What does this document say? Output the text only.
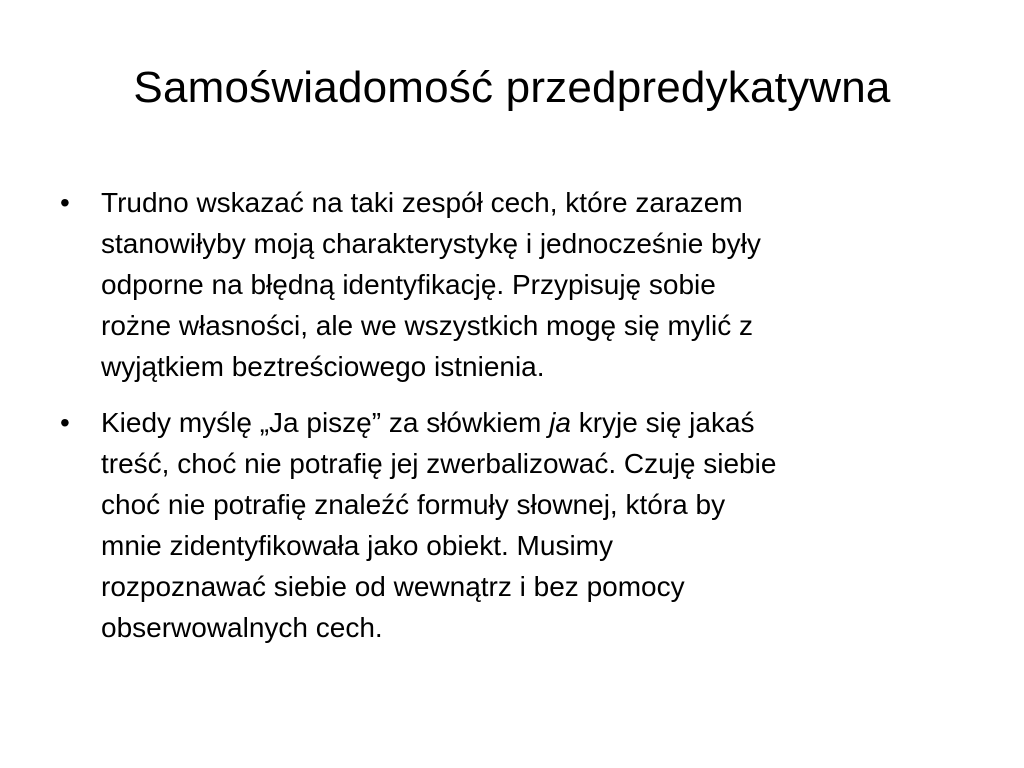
Samoświadomość przedpredykatywna
•	Trudno wskazać na taki zespół cech, które zarazem
stanowiłyby moją charakterystykę i jednocześnie były
odporne na błędną identyfikację. Przypisuję sobie
rożne własności, ale we wszystkich mogę się mylić z
wyjątkiem beztreściowego istnienia.
•	Kiedy myślę „Ja piszę” za słówkiem ja kryje się jakaś
treść, choć nie potrafię jej zwerbalizować. Czuję siebie
choć nie potrafię znaleźć formuły słownej, która by
mnie zidentyfikowała jako obiekt. Musimy
rozpoznawać siebie od wewnątrz i bez pomocy
obserwowalnych cech.
